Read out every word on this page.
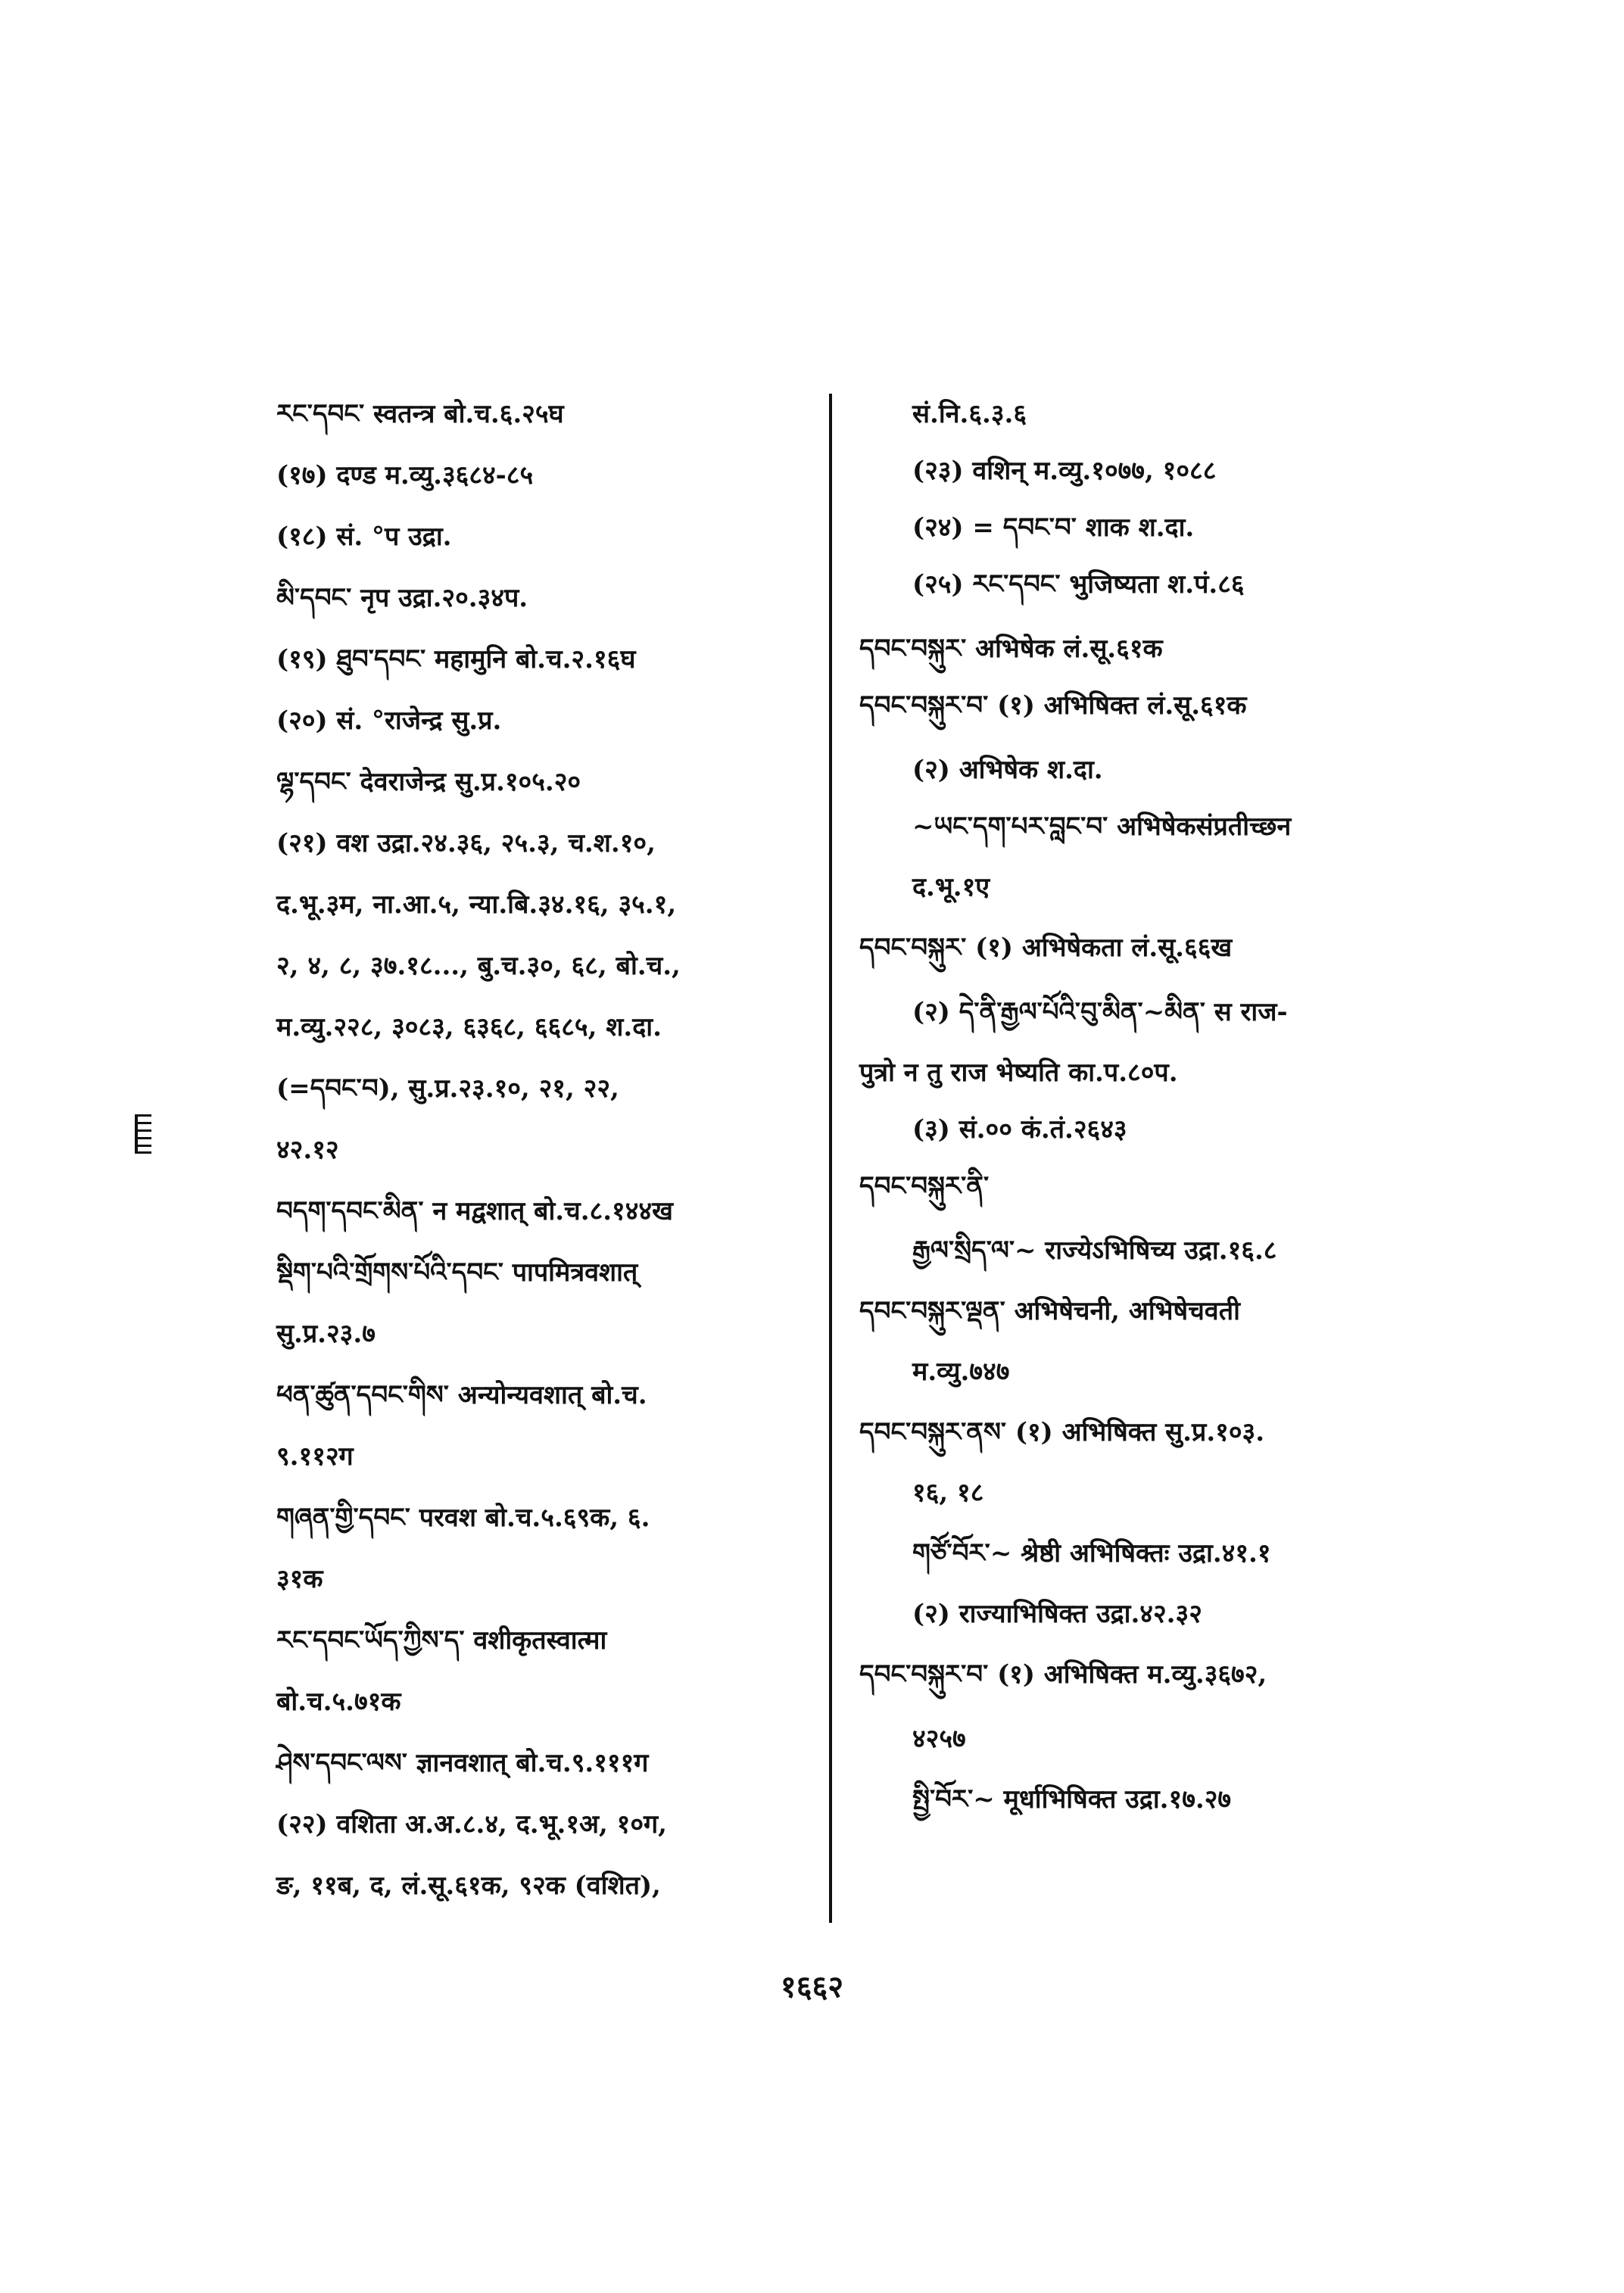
རང་དབང་ स्वतन्त्र बो.च.६.२५घ
(१७) दण्ड म.व्यु.३६८४-८५
(१८) सं. °प उद्रा.
མི་དབང་ नृप उद्रा.२०.३४प.
(१९) ཐུབ་དབང་ महामुनि बो.च.२.१६घ
(२०) सं. °राजेन्द्र सु.प्र.
ལྷ་དབང་ देवराजेन्द्र सु.प्र.१०५.२०
(२१) वश उद्रा.२४.३६, २५.३, च.श.१०,
द.भू.३म, ना.आ.५, न्या.बि.३४.१६, ३५.१,
२, ४, ८, ३७.१८..., बु.च.३०, ६८, बो.च.,
म.व्यु.२२८, ३०८३, ६३६८, ६६८५, श.दा.
(=དབང་བ), सु.प्र.२३.१०, २१, २२,
४२.१२
བདག་དབང་མིན་ न मद्वशात् बो.च.८.१४४ख
སྡིག་པའི་གྲོགས་པོའི་དབང་ पापमित्रवशात्
सु.प्र.२३.७
ཕན་ཚུན་དབང་གིས་ अन्योन्यवशात् बो.च.
९.११२ग
གཞན་གྱི་དབང་ परवश बो.च.५.६९क, ६.
३१क
རང་དབང་ཡོད་ཀྱིས་ད་ वशीकृतस्वात्मा
बो.च.५.७१क
ཤེས་དབང་ལས་ ज्ञानवशात् बो.च.९.१११ग
(२२) वशिता अ.अ.८.४, द.भू.१अ, १०ग,
ङ, ११ब, द, लं.सू.६१क, ९२क (वशित),
सं.नि.६.३.६
(२३) वशिन् म.व्यु.१०७७, १०८८
(२४) = དབང་བ་ शाक श.दा.
(२५) རང་དབང་ भुजिष्यता श.पं.८६
དབང་བསྐུར་ अभिषेक लं.सू.६१क
དབང་བསྐུར་བ་ (१) अभिषिक्त लं.सू.६१क
(२) अभिषेक श.दा.
~ཡང་དག་པར་བླང་བ་ अभिषेकसंप्रतीच्छन
द.भू.१ए
དབང་བསྐུར་ (१) अभिषेकता लं.सू.६६ख
(२) དེ་ནི་རྒྱལ་པོའི་བུ་མིན་~མིན་ स राज-
पुत्रो न तु राज भेष्यति का.प.८०प.
(३) सं.०० कं.तं.२६४३
དབང་བསྐུར་ནི་
རྒྱལ་སྲིད་ལ་~ राज्येऽभिषिच्य उद्रा.१६.८
དབང་བསྐུར་ལྡན་ अभिषेचनी, अभिषेचवती
म.व्यु.७४७
དབང་བསྐུར་ནས་ (१) अभिषिक्त सु.प्र.१०३.
१६, १८
གཙོ་བོར་~ श्रेष्ठी अभिषिक्तः उद्रा.४१.१
(२) राज्याभिषिक्त उद्रा.४२.३२
དབང་བསྐུར་བ་ (१) अभिषिक्त म.व्यु.३६७२,
४२५७
སྤྱི་བོར་~ मूर्धाभिषिक्त उद्रा.१७.२७
१६६२
